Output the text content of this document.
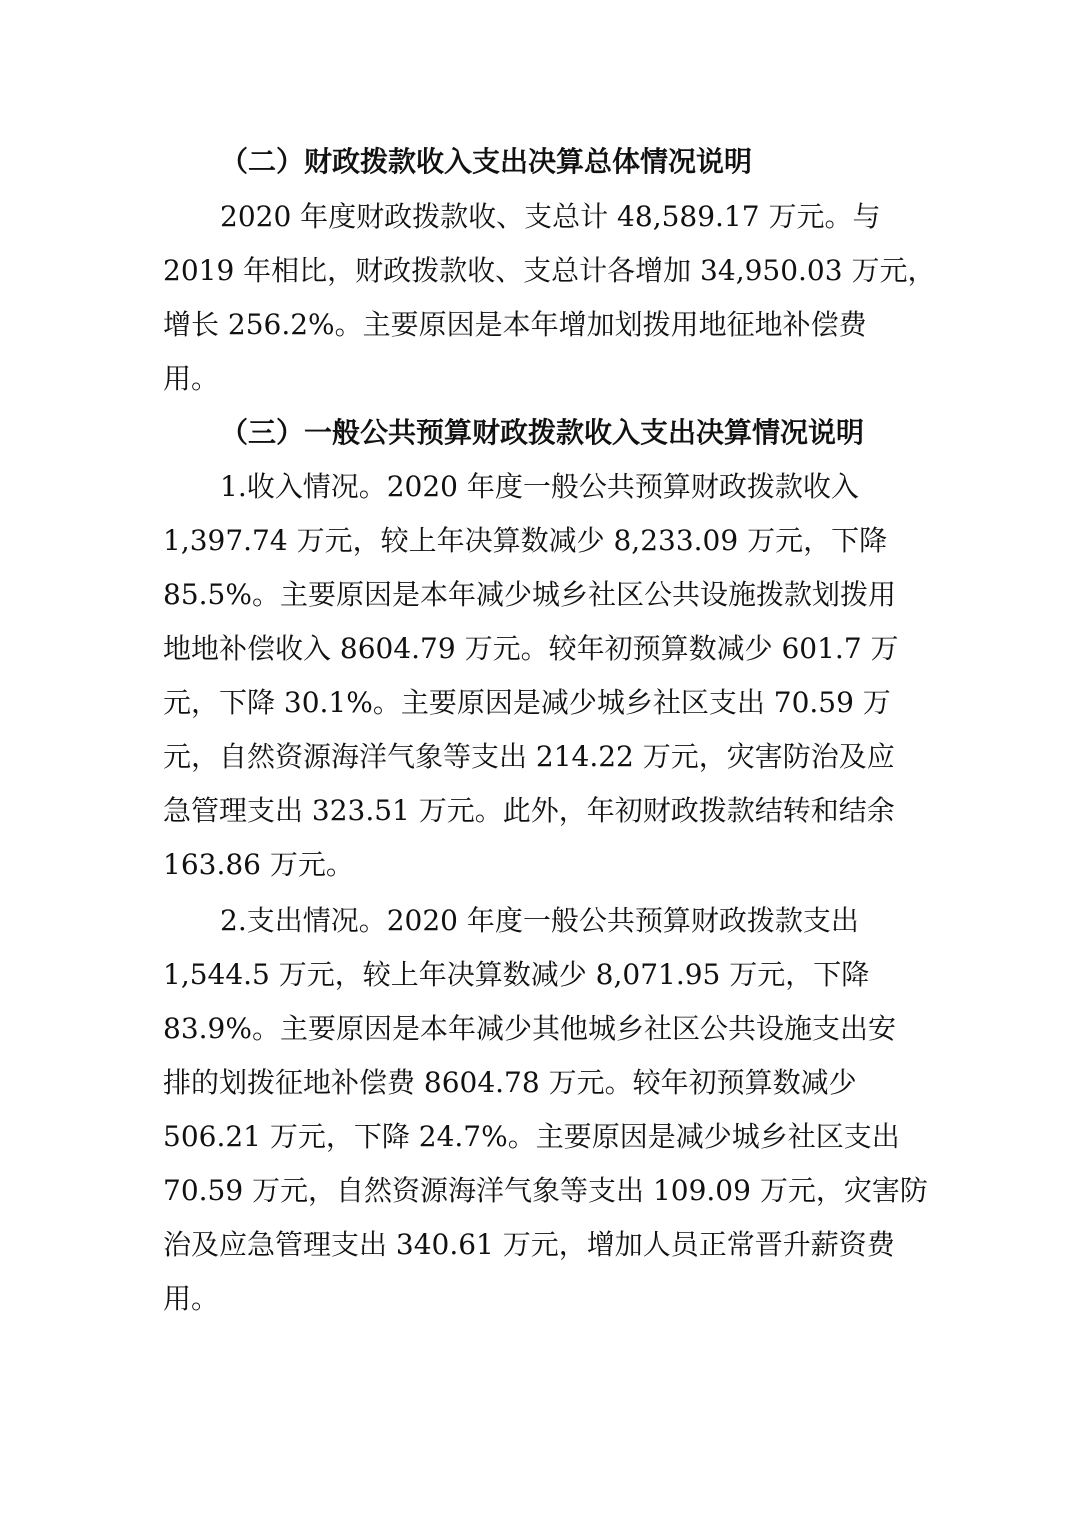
（二）财政拨款收入支出决算总体情况说明
2020 年度财政拨款收、支总计 48,589.17 万元。与
2019 年相比，财政拨款收、支总计各增加 34,950.03 万元，
增长 256.2%。主要原因是本年增加划拨用地征地补偿费
用。
（三）一般公共预算财政拨款收入支出决算情况说明
1.收入情况。2020 年度一般公共预算财政拨款收入
1,397.74 万元，较上年决算数减少 8,233.09 万元，下降
85.5%。主要原因是本年减少城乡社区公共设施拨款划拨用
地地补偿收入 8604.79 万元。较年初预算数减少 601.7 万
元，下降 30.1%。主要原因是减少城乡社区支出 70.59 万
元，自然资源海洋气象等支出 214.22 万元，灾害防治及应
急管理支出 323.51 万元。此外，年初财政拨款结转和结余
163.86 万元。
2.支出情况。2020 年度一般公共预算财政拨款支出
1,544.5 万元，较上年决算数减少 8,071.95 万元，下降
83.9%。主要原因是本年减少其他城乡社区公共设施支出安
排的划拨征地补偿费 8604.78 万元。较年初预算数减少
506.21 万元，下降 24.7%。主要原因是减少城乡社区支出
70.59 万元，自然资源海洋气象等支出 109.09 万元，灾害防
治及应急管理支出 340.61 万元，增加人员正常晋升薪资费
用。
